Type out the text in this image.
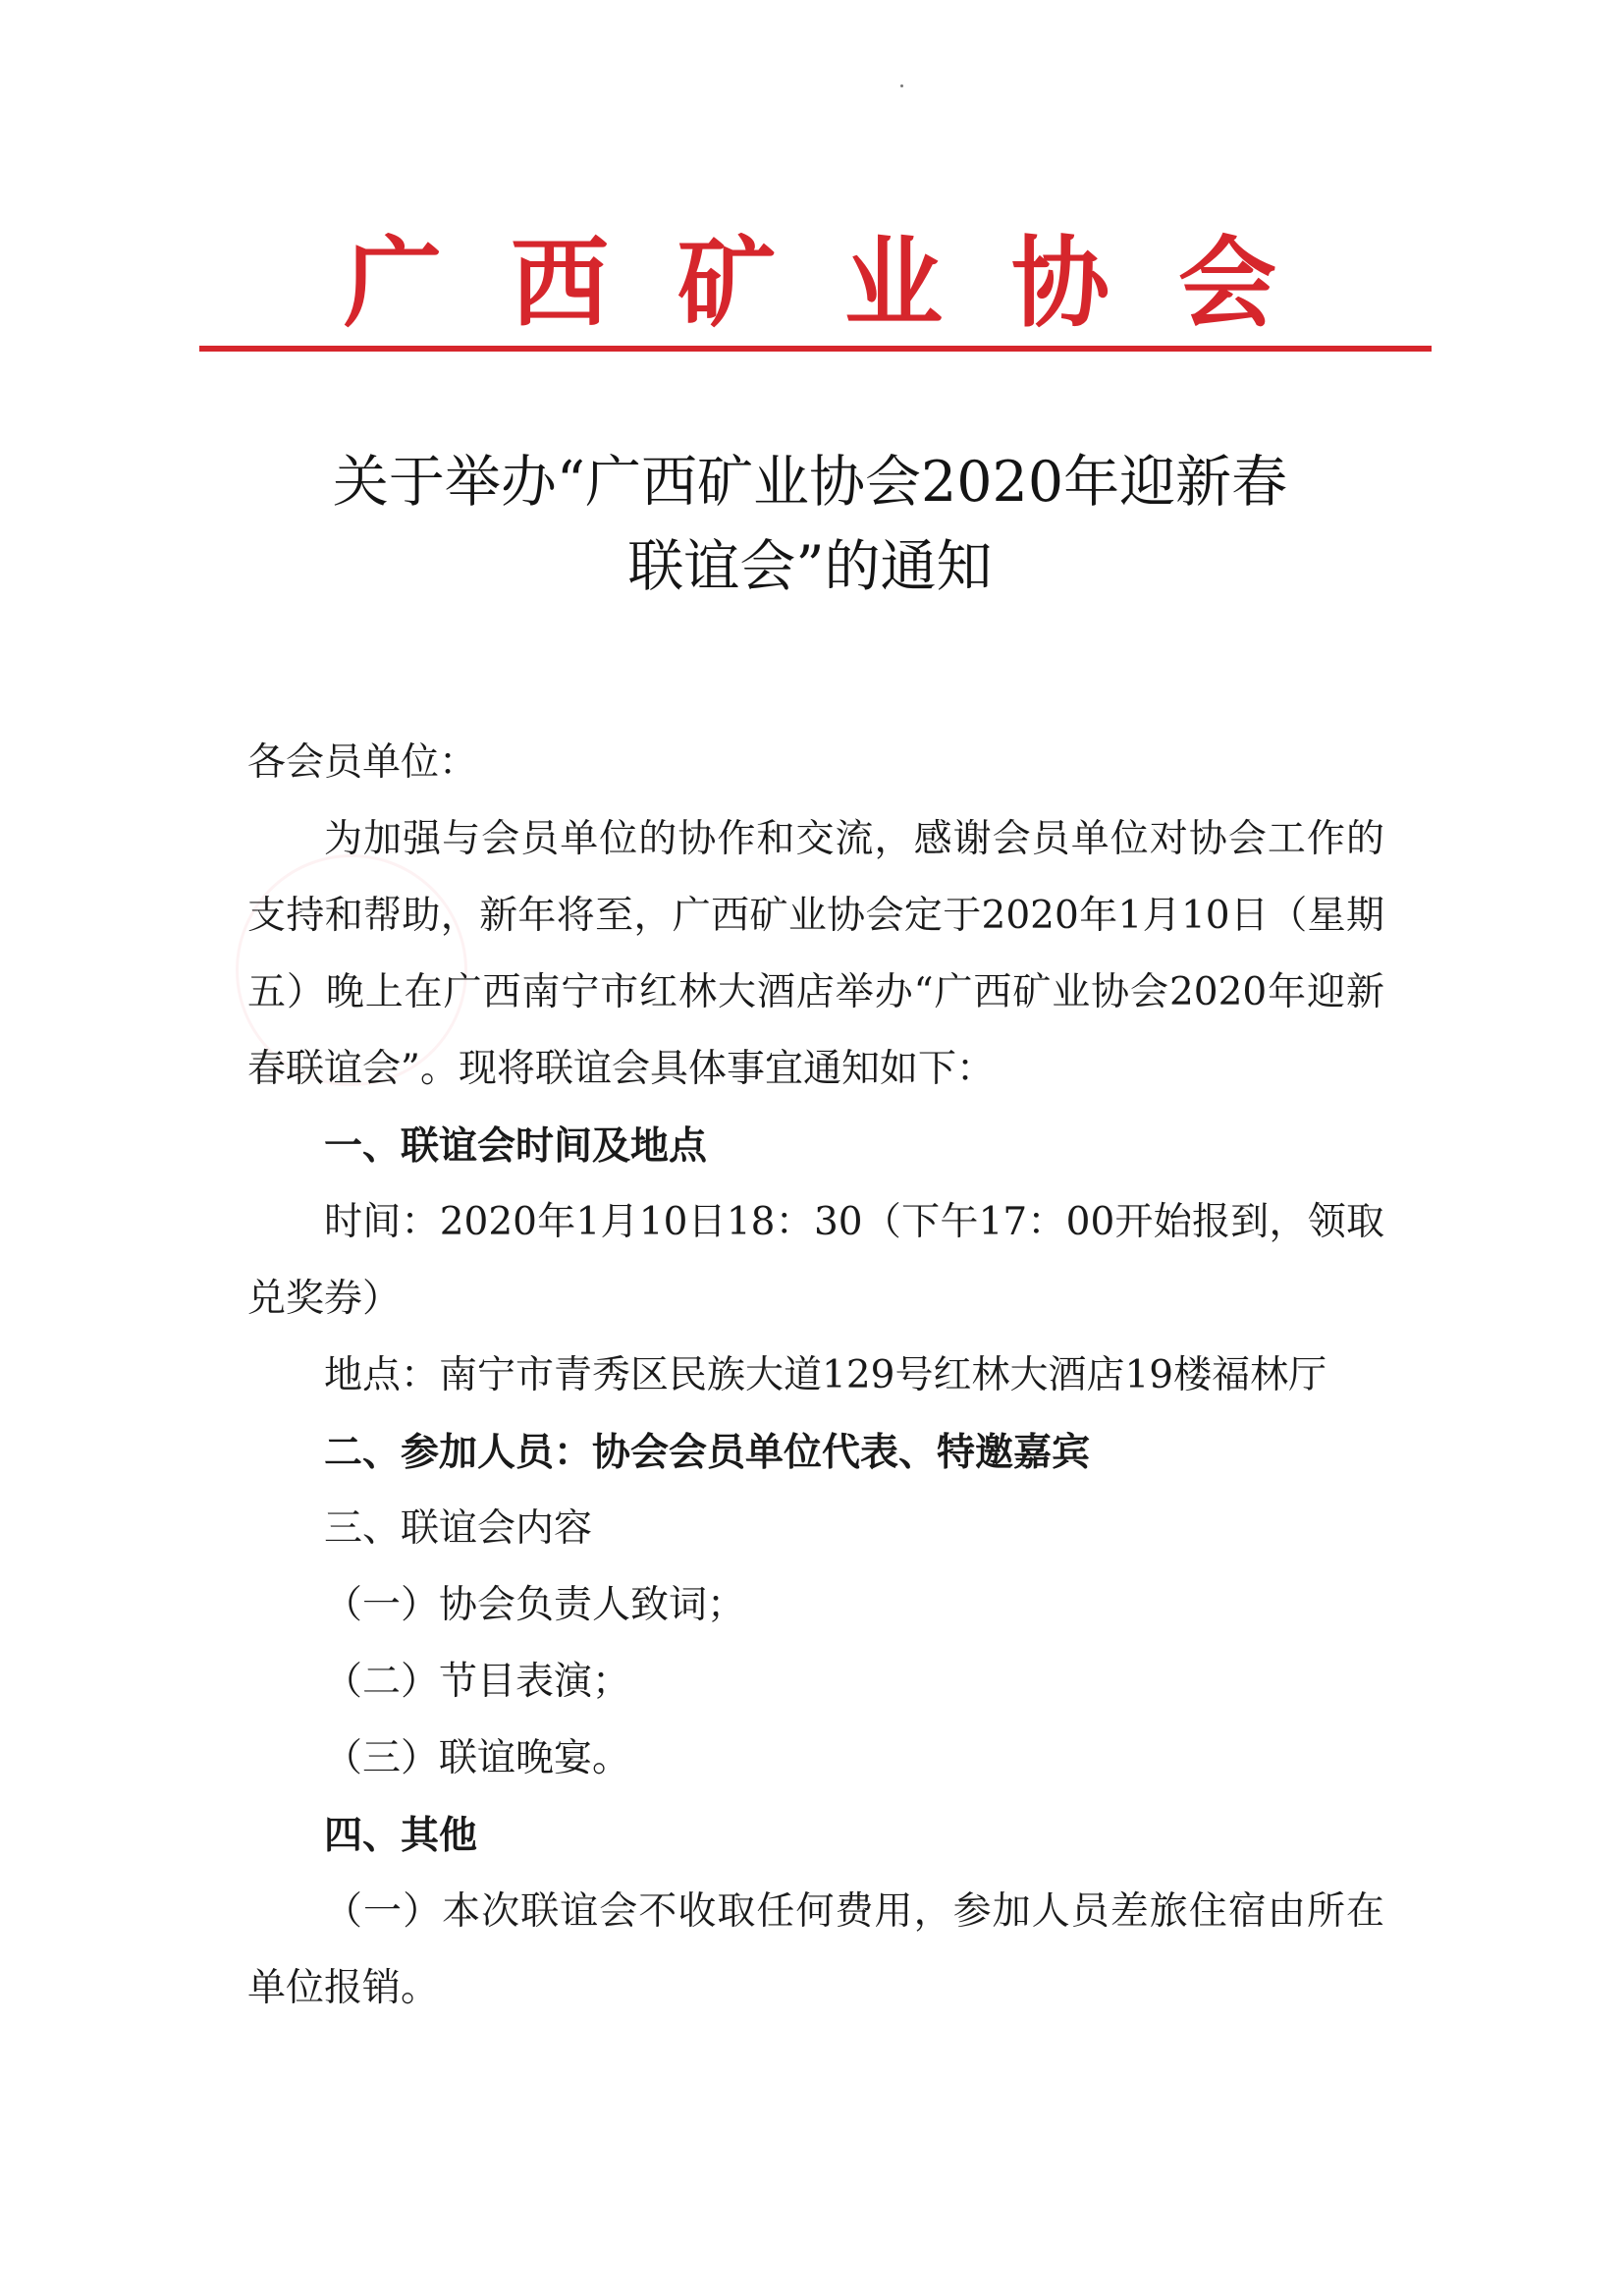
广西矿业协会
关于举办“广西矿业协会2020年迎新春
联谊会”的通知

各会员单位：

为加强与会员单位的协作和交流，感谢会员单位对协会工作的支持和帮助，新年将至，广西矿业协会定于2020年1月10日（星期五）晚上在广西南宁市红林大酒店举办“广西矿业协会2020年迎新春联谊会”。现将联谊会具体事宜通知如下：

一、联谊会时间及地点

时间：2020年1月10日18：30（下午17：00开始报到，领取兑奖券）

地点：南宁市青秀区民族大道129号红林大酒店19楼福林厅

二、参加人员：协会会员单位代表、特邀嘉宾

三、联谊会内容

（一）协会负责人致词；

（二）节目表演；

（三）联谊晚宴。

四、其他

（一）本次联谊会不收取任何费用，参加人员差旅住宿由所在单位报销。
